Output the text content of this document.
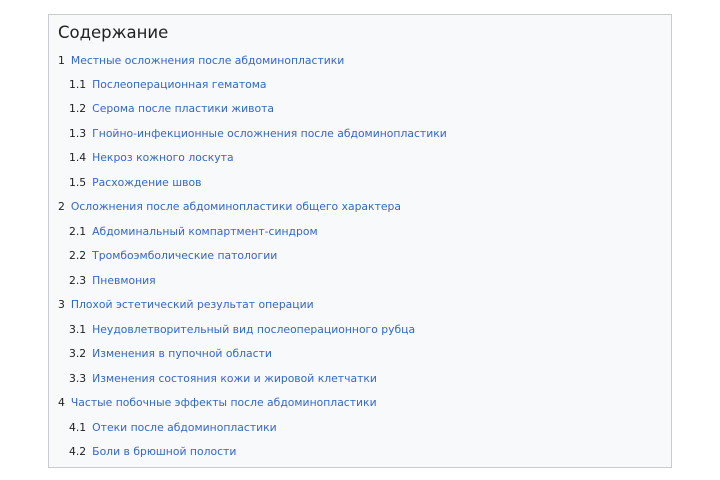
Содержание
1 Местные осложнения после абдоминопластики
1.1 Послеоперационная гематома
1.2 Серома после пластики живота
1.3 Гнойно-инфекционные осложнения после абдоминопластики
1.4 Некроз кожного лоскута
1.5 Расхождение швов
2 Осложнения после абдоминопластики общего характера
2.1 Абдоминальный компартмент-синдром
2.2 Тромбоэмболические патологии
2.3 Пневмония
3 Плохой эстетический результат операции
3.1 Неудовлетворительный вид послеоперационного рубца
3.2 Изменения в пупочной области
3.3 Изменения состояния кожи и жировой клетчатки
4 Частые побочные эффекты после абдоминопластики
4.1 Отеки после абдоминопластики
4.2 Боли в брюшной полости
